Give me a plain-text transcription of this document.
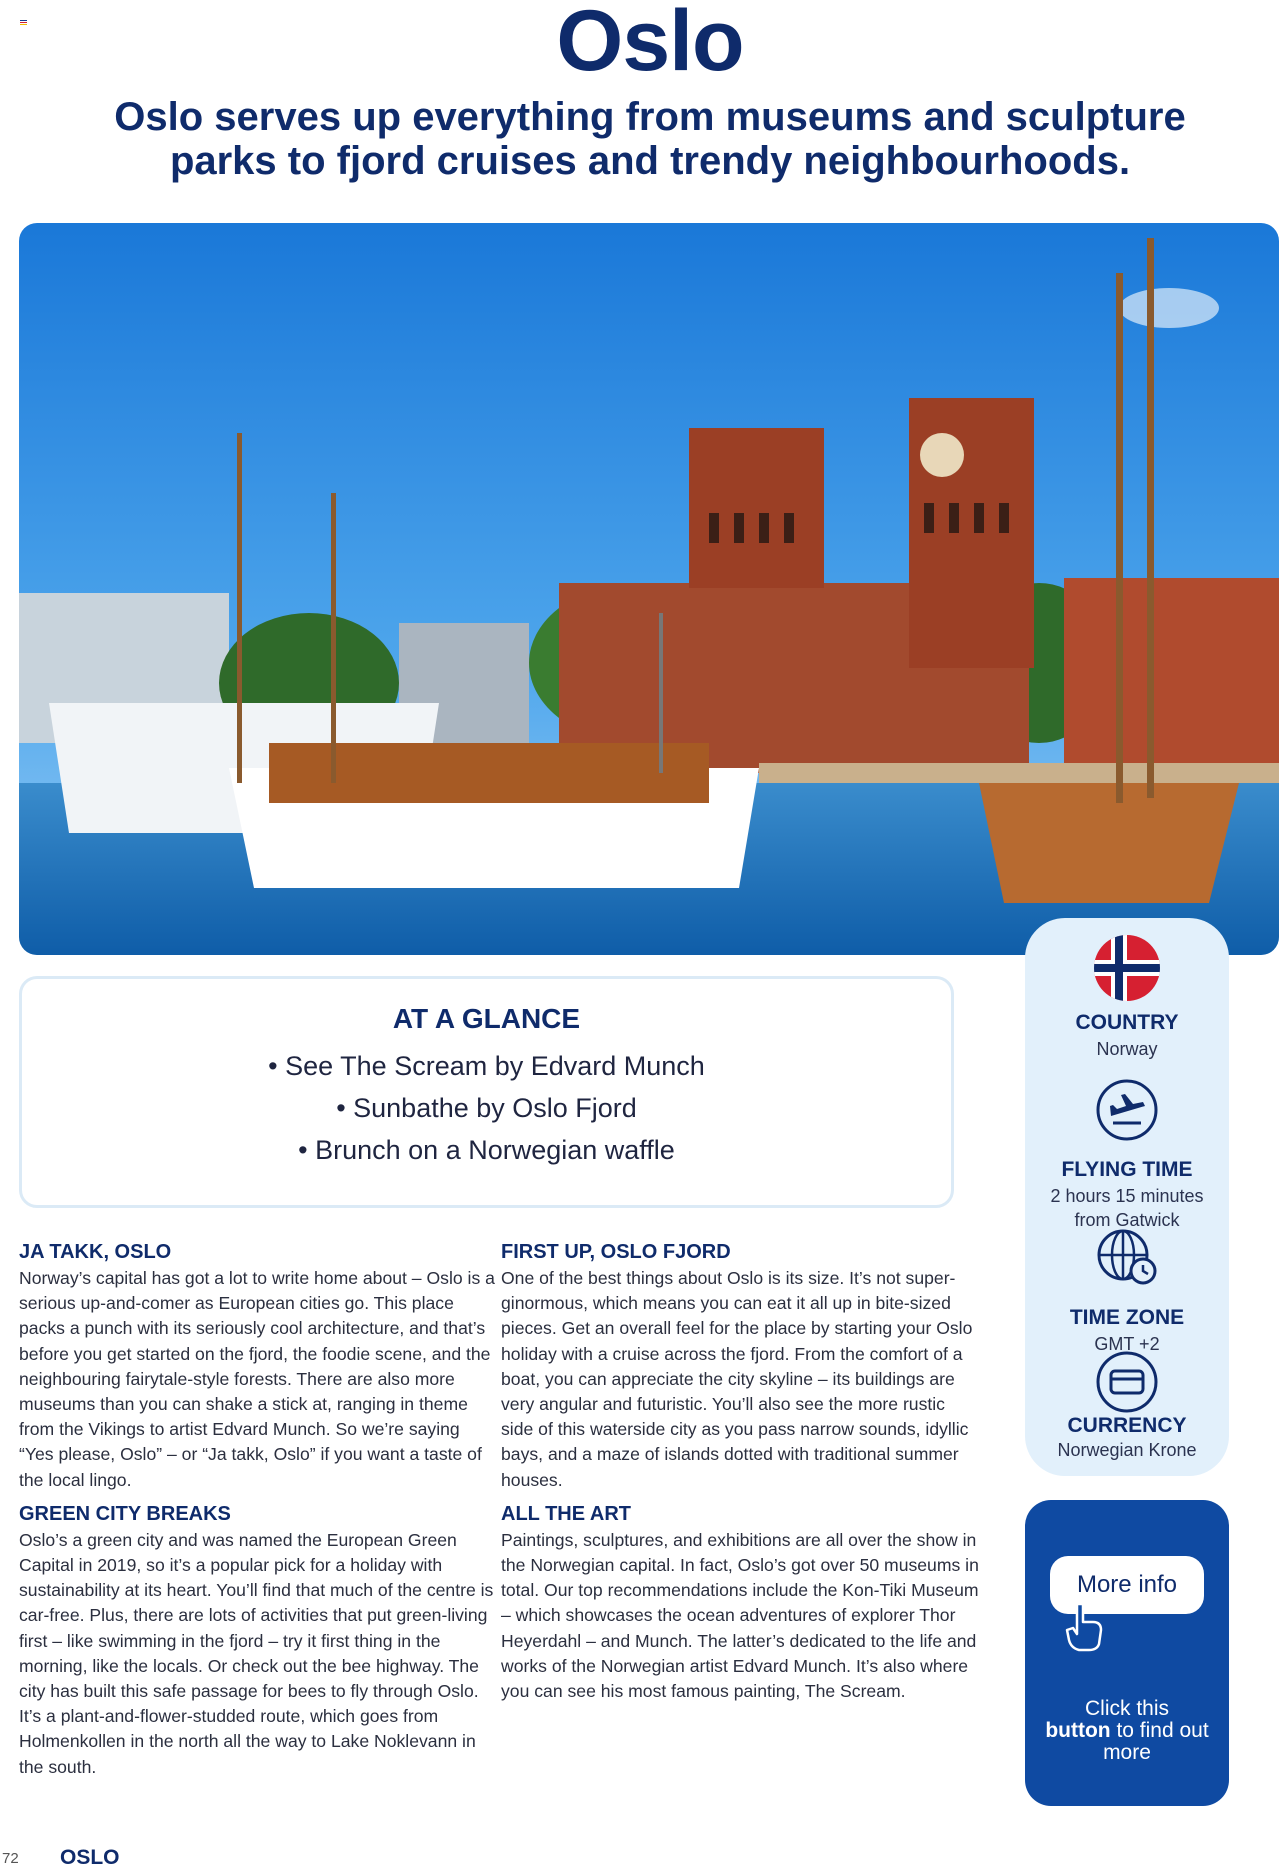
Oslo
Oslo serves up everything from museums and sculpture parks to fjord cruises and trendy neighbourhoods.
AT A GLANCE
• See The Scream by Edvard Munch
• Sunbathe by Oslo Fjord
• Brunch on a Norwegian waffle
COUNTRY
Norway
FLYING TIME
2 hours 15 minutes from Gatwick
TIME ZONE
GMT +2
CURRENCY
Norwegian Krone
JA TAKK, OSLO

Norway’s capital has got a lot to write home about – Oslo is a serious up-and-comer as European cities go. This place packs a punch with its seriously cool architecture, and that’s before you get started on the fjord, the foodie scene, and the neighbouring fairytale-style forests. There are also more museums than you can shake a stick at, ranging in theme from the Vikings to artist Edvard Munch. So we’re saying “Yes please, Oslo” – or “Ja takk, Oslo” if you want a taste of the local lingo.

GREEN CITY BREAKS

Oslo’s a green city and was named the European Green Capital in 2019, so it’s a popular pick for a holiday with sustainability at its heart. You’ll find that much of the centre is car-free. Plus, there are lots of activities that put green-living first – like swimming in the fjord – try it first thing in the morning, like the locals. Or check out the bee highway. The city has built this safe passage for bees to fly through Oslo. It’s a plant-and-flower-studded route, which goes from Holmenkollen in the north all the way to Lake Noklevann in the south.

FIRST UP, OSLO FJORD

One of the best things about Oslo is its size. It’s not super-ginormous, which means you can eat it all up in bite-sized pieces. Get an overall feel for the place by starting your Oslo holiday with a cruise across the fjord. From the comfort of a boat, you can appreciate the city skyline – its buildings are very angular and futuristic. You’ll also see the more rustic side of this waterside city as you pass narrow sounds, idyllic bays, and a maze of islands dotted with traditional summer houses.

ALL THE ART

Paintings, sculptures, and exhibitions are all over the show in the Norwegian capital. In fact, Oslo’s got over 50 museums in total. Our top recommendations include the Kon-Tiki Museum – which showcases the ocean adventures of explorer Thor Heyerdahl – and Munch. The latter’s dedicated to the life and works of the Norwegian artist Edvard Munch. It’s also where you can see his most famous painting, The Scream.

More info
Click this
button to find out more
72 OSLO
